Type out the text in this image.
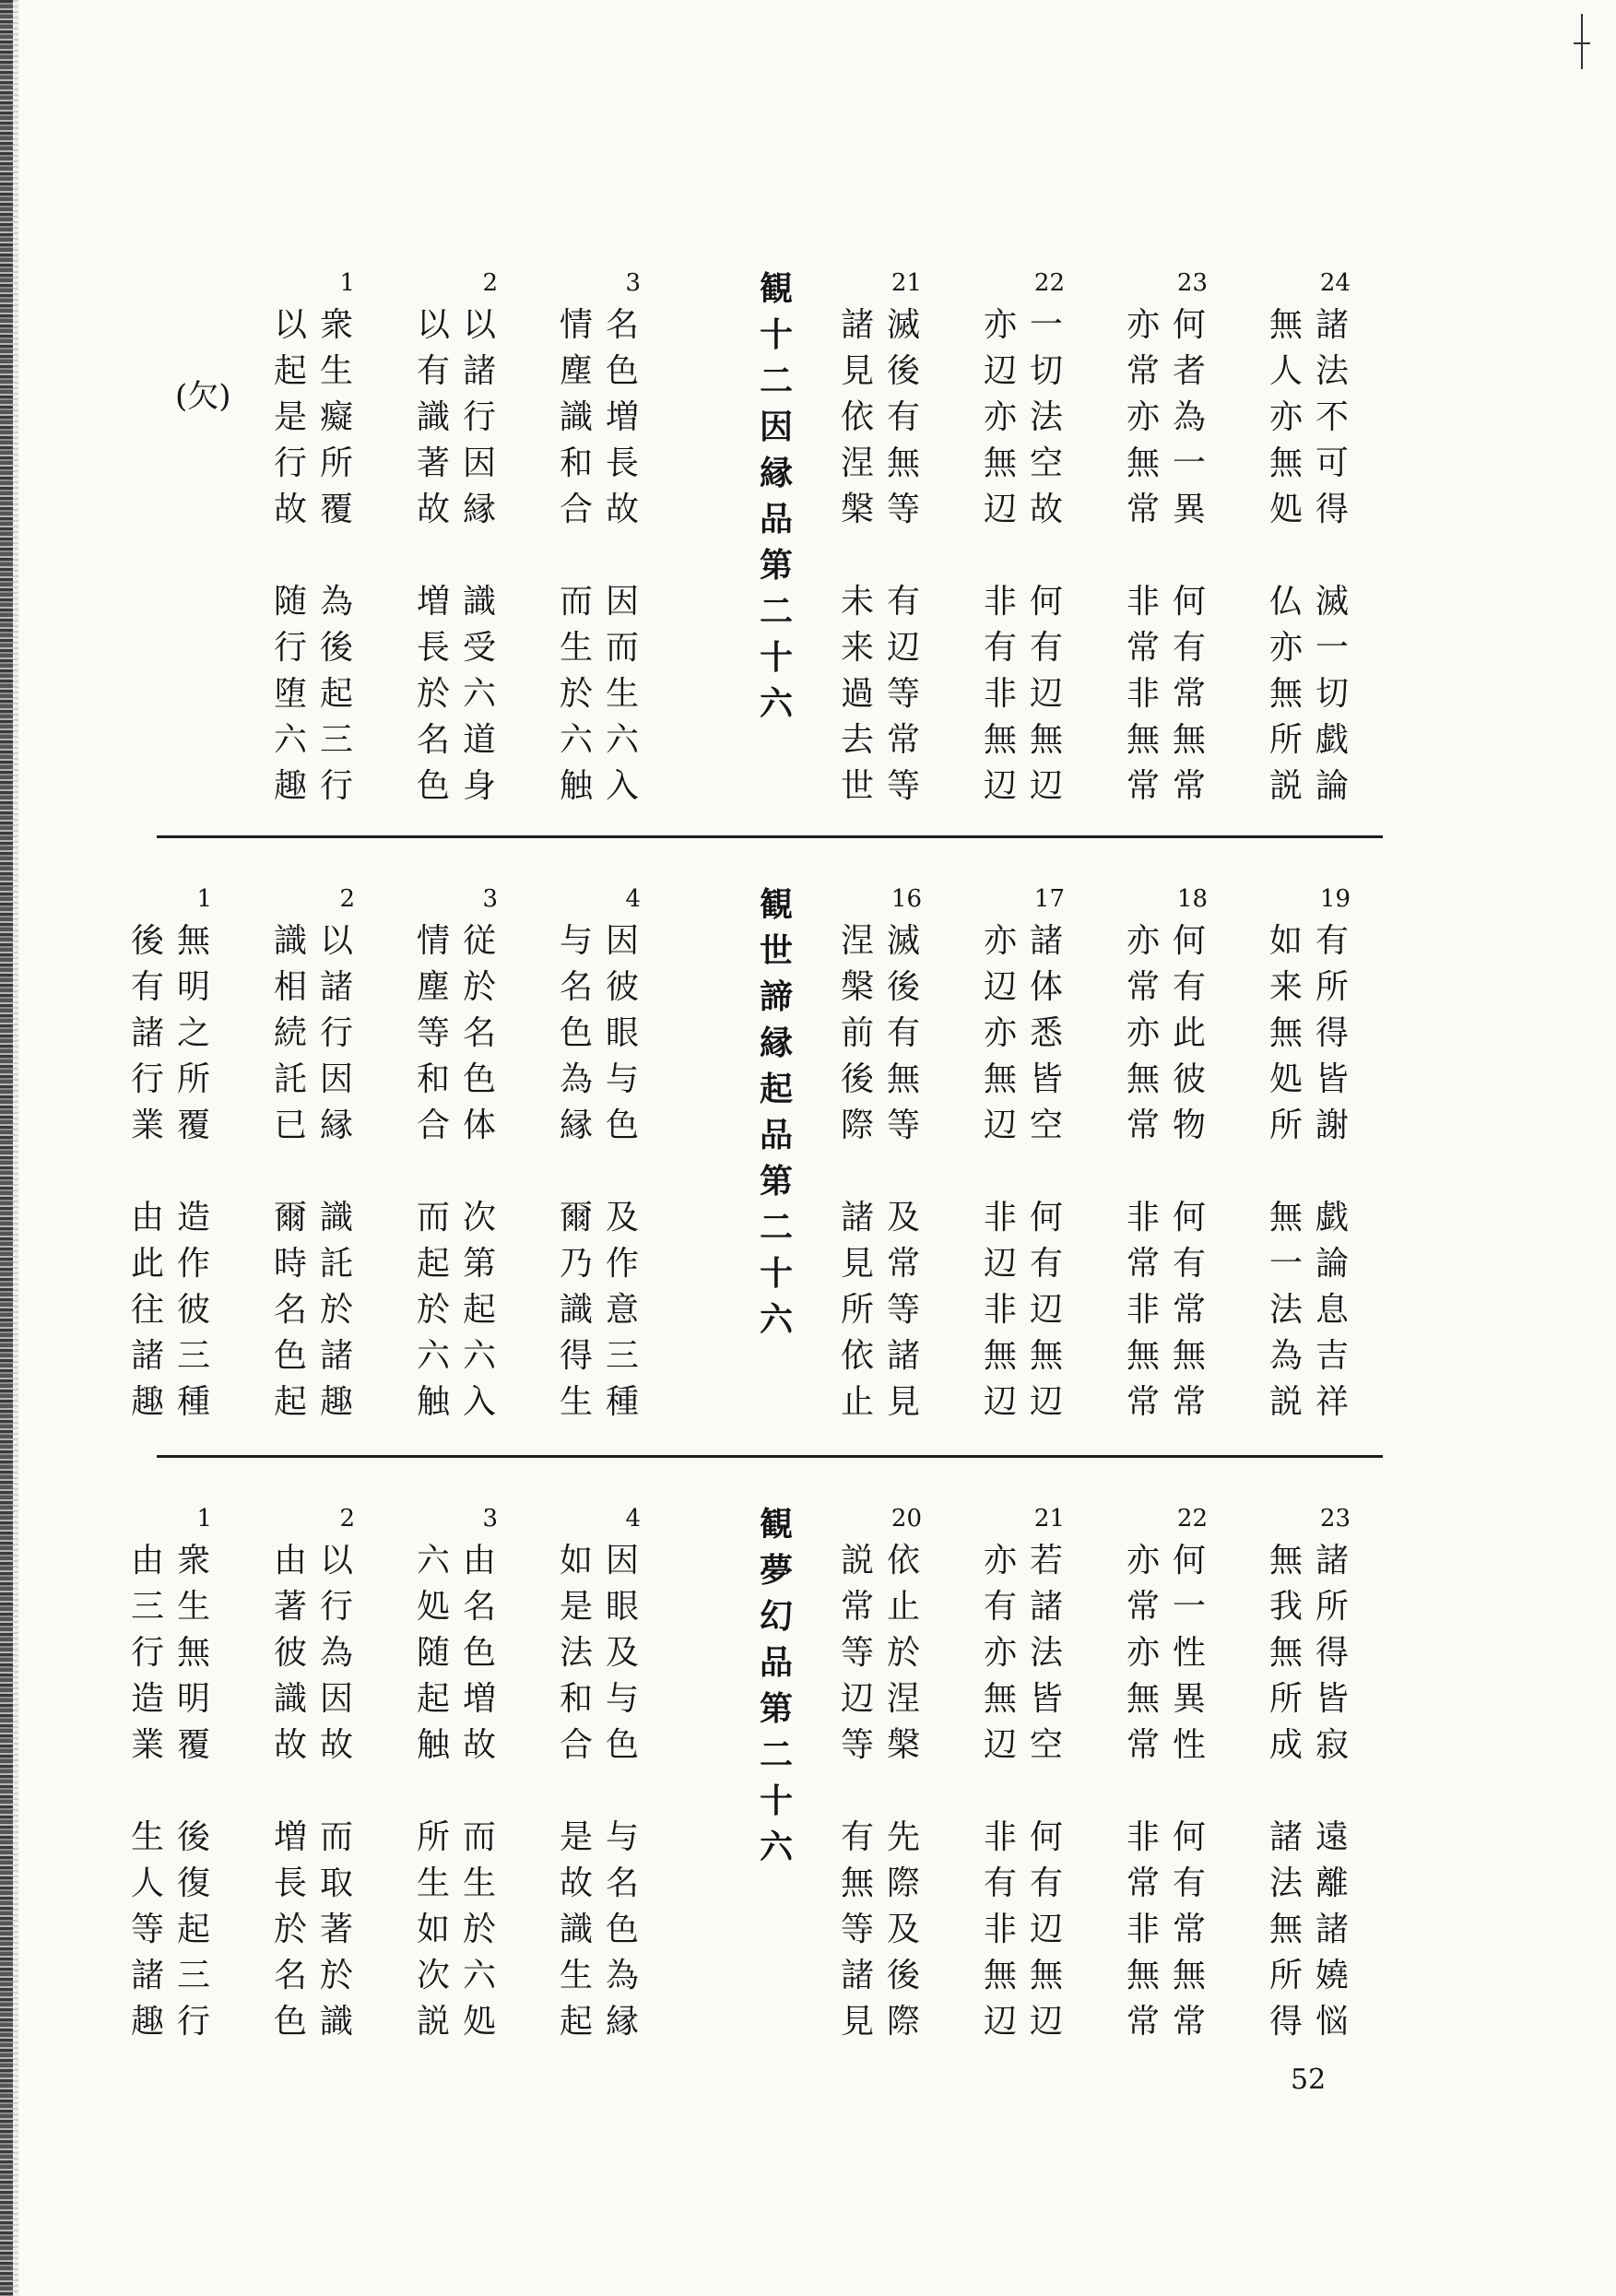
24
諸法不可得
滅一切戯論
無人亦無処
仏亦無所説
23
何者為一異
何有常無常
亦常亦無常
非常非無常
22
一切法空故
何有辺無辺
亦辺亦無辺
非有非無辺
21
滅後有無等
有辺等常等
諸見依涅槃
未来過去世
3
名色増長故
因而生六入
情塵識和合
而生於六触
2
以諸行因縁
識受六道身
以有識著故
増長於名色
1
衆生癡所覆
為後起三行
以起是行故
随行堕六趣
観十二因縁品第二十六
19
有所得皆謝
戯論息吉祥
如来無処所
無一法為説
18
何有此彼物
何有常無常
亦常亦無常
非常非無常
17
諸体悉皆空
何有辺無辺
亦辺亦無辺
非辺非無辺
16
滅後有無等
及常等諸見
涅槃前後際
諸見所依止
4
因彼眼与色
及作意三種
与名色為縁
爾乃識得生
3
従於名色体
次第起六入
情塵等和合
而起於六触
2
以諸行因縁
識託於諸趣
識相続託已
爾時名色起
1
無明之所覆
造作彼三種
後有諸行業
由此往諸趣
観世諦縁起品第二十六
23
諸所得皆寂
遠離諸嬈悩
無我無所成
諸法無所得
22
何一性異性
何有常無常
亦常亦無常
非常非無常
21
若諸法皆空
何有辺無辺
亦有亦無辺
非有非無辺
20
依止於涅槃
先際及後際
説常等辺等
有無等諸見
4
因眼及与色
与名色為縁
如是法和合
是故識生起
3
由名色増故
而生於六処
六処随起触
所生如次説
2
以行為因故
而取著於識
由著彼識故
増長於名色
1
衆生無明覆
後復起三行
由三行造業
生人等諸趣
観夢幻品第二十六
(欠)
52
